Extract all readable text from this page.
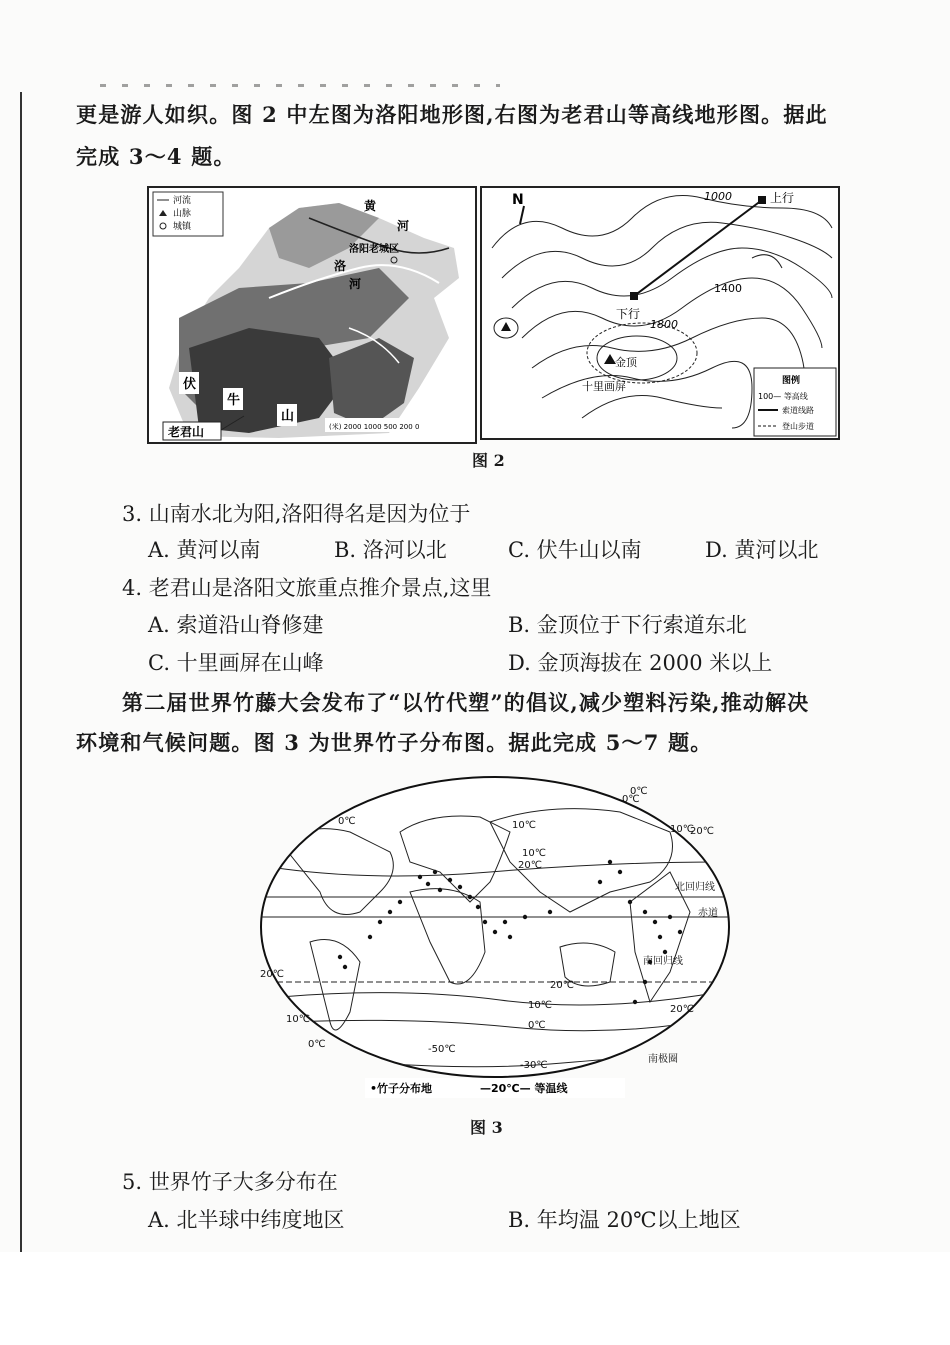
更是游人如织。图 2 中左图为洛阳地形图,右图为老君山等高线地形图。据此
完成 3～4 题。
河流
山脉
城镇
黄
河
洛阳老城区
洛
河
伏
牛
山
老君山	(米) 2000 1000 500 200 0
N	1000
1400
1800
上行
下行
金顶
十里画屏	图例
100— 等高线
索道线路
登山步道
图 2
3. 山南水北为阳,洛阳得名是因为位于
A. 黄河以南	B. 洛河以北	C. 伏牛山以南	D. 黄河以北
4. 老君山是洛阳文旅重点推介景点,这里
A. 索道沿山脊修建	B. 金顶位于下行索道东北
C. 十里画屏在山峰	D. 金顶海拔在 2000 米以上
第二届世界竹藤大会发布了“以竹代塑”的倡议,减少塑料污染,推动解决
环境和气候问题。图 3 为世界竹子分布图。据此完成 5～7 题。
0℃	10℃
20℃
10℃
0℃
20℃
10℃
0℃
20℃
10℃
0℃	-50℃
-30℃
10℃
0℃
20℃
20℃
北回归线
赤道
南回归线
南极圈
•竹子分布地	—20℃— 等温线
图 3
5. 世界竹子大多分布在
A. 北半球中纬度地区	B. 年均温 20℃以上地区
